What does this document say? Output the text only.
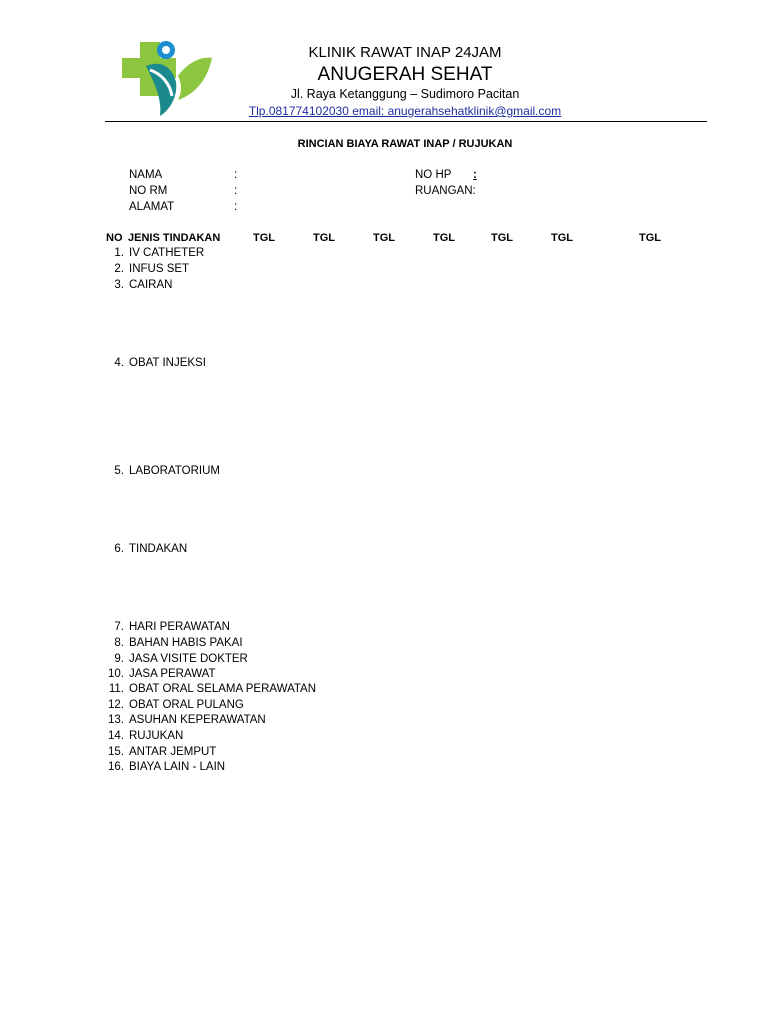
KLINIK RAWAT INAP 24JAM
ANUGERAH SEHAT
Jl. Raya Ketanggung – Sudimoro Pacitan
Tlp.081774102030 email: anugerahsehatklinik@gmail.com
RINCIAN BIAYA RAWAT INAP / RUJUKAN
NAMA	:
NO RM	:
ALAMAT	:
NO HP :
RUANGAN:
NO JENIS TINDAKAN	TGL	TGL	TGL	TGL	TGL	TGL	TGL
1. IV CATHETER
2. INFUS SET
3. CAIRAN
4. OBAT INJEKSI
5. LABORATORIUM
6. TINDAKAN
7. HARI PERAWATAN
8. BAHAN HABIS PAKAI
9. JASA VISITE DOKTER
10. JASA PERAWAT
11. OBAT ORAL SELAMA PERAWATAN
12. OBAT ORAL PULANG
13. ASUHAN KEPERAWATAN
14. RUJUKAN
15. ANTAR JEMPUT
16. BIAYA LAIN - LAIN
